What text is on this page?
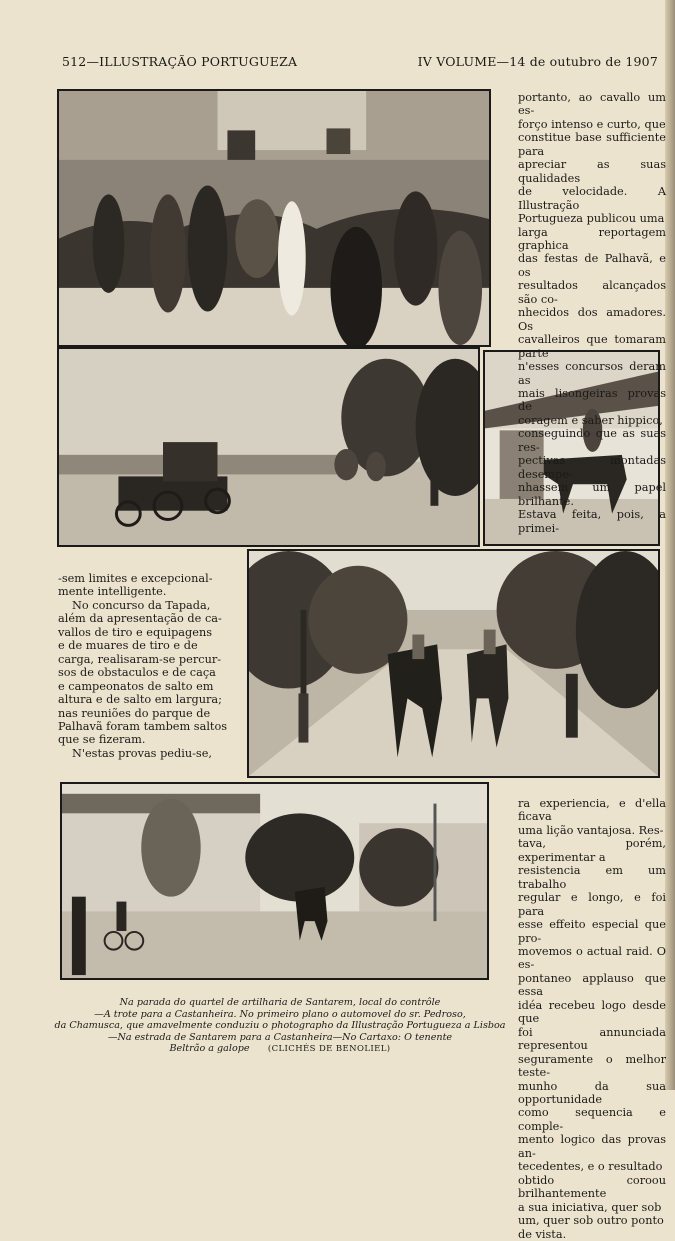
512—ILLUSTRAÇÃO PORTUGUEZA	IV VOLUME—14 de outubro de 1907

portanto, ao cavallo um es-

forço intenso e curto, que

constitue base sufficiente para

apreciar as suas qualidades

de velocidade. A Illustração

Portugueza publicou uma

larga reportagem graphica

das festas de Palhavã, e os

resultados alcançados são co-

nhecidos dos amadores. Os

cavalleiros que tomaram parte

n'esses concursos deram as

mais lisongeiras provas de

coragem e saber hippico,

conseguindo que as suas res-

pectivas montadas desempe-

nhassem um papel brilhante.

Estava feita, pois, a primei-

-sem limites e excepcional-

mente intelligente.

No concurso da Tapada,

além da apresentação de ca-

vallos de tiro e equipagens

e de muares de tiro e de

carga, realisaram-se percur-

sos de obstaculos e de caça

e campeonatos de salto em

altura e de salto em largura;

nas reuniões do parque de

Palhavã foram tambem saltos

que se fizeram.

N'estas provas pediu-se,

ra experiencia, e d'ella ficava

uma lição vantajosa. Res-

tava, porém, experimentar a

resistencia em um trabalho

regular e longo, e foi para

esse effeito especial que pro-

movemos o actual raid. O es-

pontaneo applauso que essa

idéa recebeu logo desde que

foi annunciada representou

seguramente o melhor teste-

munho da sua opportunidade

como sequencia e comple-

mento logico das provas an-

tecedentes, e o resultado

obtido coroou brilhantemente

a sua iniciativa, quer sob

um, quer sob outro ponto

de vista.

Na parada do quartel de artilharia de Santarem, local do contrôle
—A trote para a Castanheira. No primeiro plano o automovel do sr. Pedroso,
da Chamusca, que amavelmente conduziu o photographo da Illustração Portugueza a Lisboa
—Na estrada de Santarem para a Castanheira—No Cartaxo: O tenente
Beltrão a galope (CLICHÉS DE BENOLIEL)
